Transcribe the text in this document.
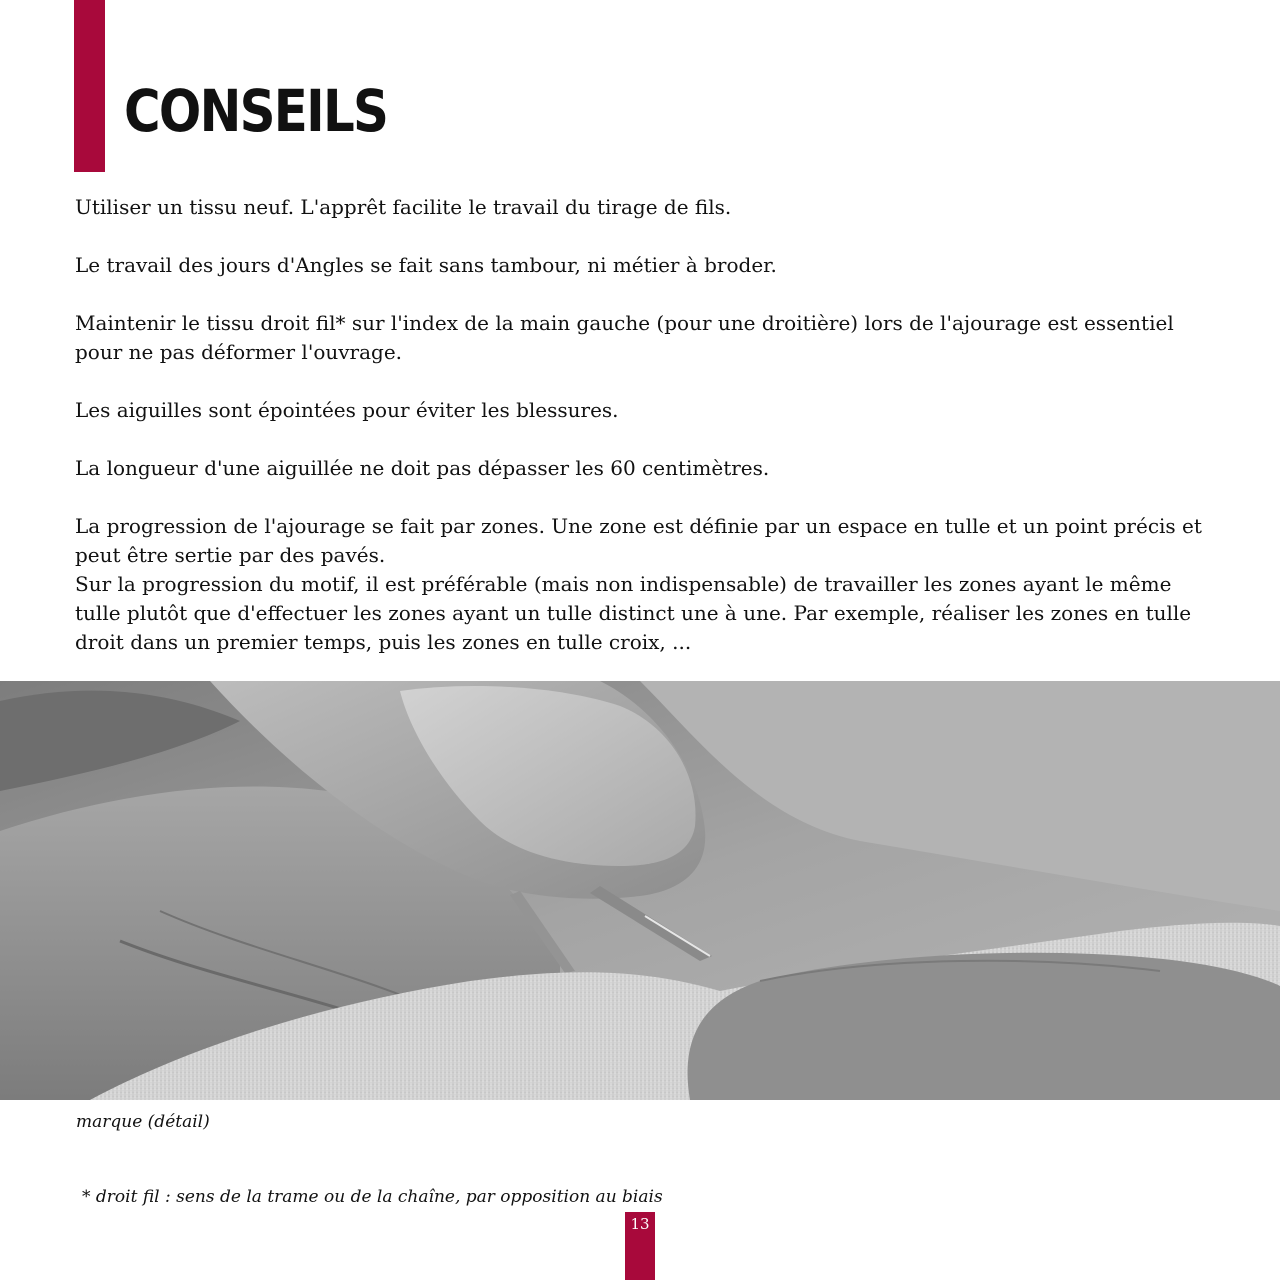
CONSEILS

Utiliser un tissu neuf. L'apprêt facilite le travail du tirage de fils.

Le travail des jours d'Angles se fait sans tambour, ni métier à broder.

Maintenir le tissu droit fil* sur l'index de la main gauche (pour une droitière) lors de l'ajourage est essentiel pour ne pas déformer l'ouvrage.

Les aiguilles sont épointées pour éviter les blessures.

La longueur d'une aiguillée ne doit pas dépasser les 60 centimètres.

La progression de l'ajourage se fait par zones. Une zone est définie par un espace en tulle et un point précis et peut être sertie par des pavés.

Sur la progression du motif, il est préférable (mais non indispensable) de travailler les zones ayant le même tulle plutôt que d'effectuer les zones ayant un tulle distinct une à une. Par exemple, réaliser les zones en tulle droit dans un premier temps, puis les zones en tulle croix, ...

marque (détail)
* droit fil : sens de la trame ou de la chaîne, par opposition au biais
13
